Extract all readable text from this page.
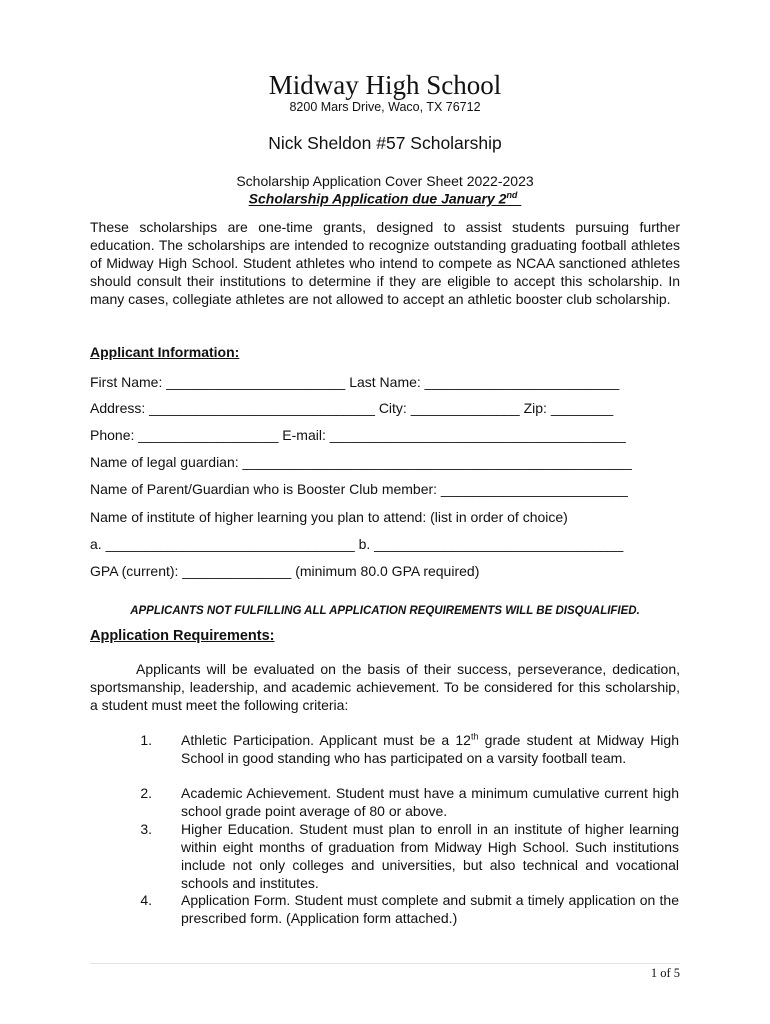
Midway High School
8200 Mars Drive, Waco, TX 76712
Nick Sheldon #57 Scholarship
Scholarship Application Cover Sheet 2022-2023
Scholarship Application due January 2nd
These scholarships are one-time grants, designed to assist students pursuing further education. The scholarships are intended to recognize outstanding graduating football athletes of Midway High School. Student athletes who intend to compete as NCAA sanctioned athletes should consult their institutions to determine if they are eligible to accept this scholarship. In many cases, collegiate athletes are not allowed to accept an athletic booster club scholarship.
Applicant Information:
First Name: _______________________ Last Name: _________________________
Address: _____________________________ City: ______________ Zip: ________
Phone: __________________ E-mail: ______________________________________
Name of legal guardian: __________________________________________________
Name of Parent/Guardian who is Booster Club member: ________________________
Name of institute of higher learning you plan to attend: (list in order of choice)
a. ________________________________ b. ________________________________
GPA (current): ______________ (minimum 80.0 GPA required)
APPLICANTS NOT FULFILLING ALL APPLICATION REQUIREMENTS WILL BE DISQUALIFIED.
Application Requirements:
Applicants will be evaluated on the basis of their success, perseverance, dedication, sportsmanship, leadership, and academic achievement. To be considered for this scholarship, a student must meet the following criteria:
1. Athletic Participation. Applicant must be a 12th grade student at Midway High School in good standing who has participated on a varsity football team.
2. Academic Achievement. Student must have a minimum cumulative current high school grade point average of 80 or above.
3. Higher Education. Student must plan to enroll in an institute of higher learning within eight months of graduation from Midway High School. Such institutions include not only colleges and universities, but also technical and vocational schools and institutes.
4. Application Form. Student must complete and submit a timely application on the prescribed form. (Application form attached.)
1 of 5
